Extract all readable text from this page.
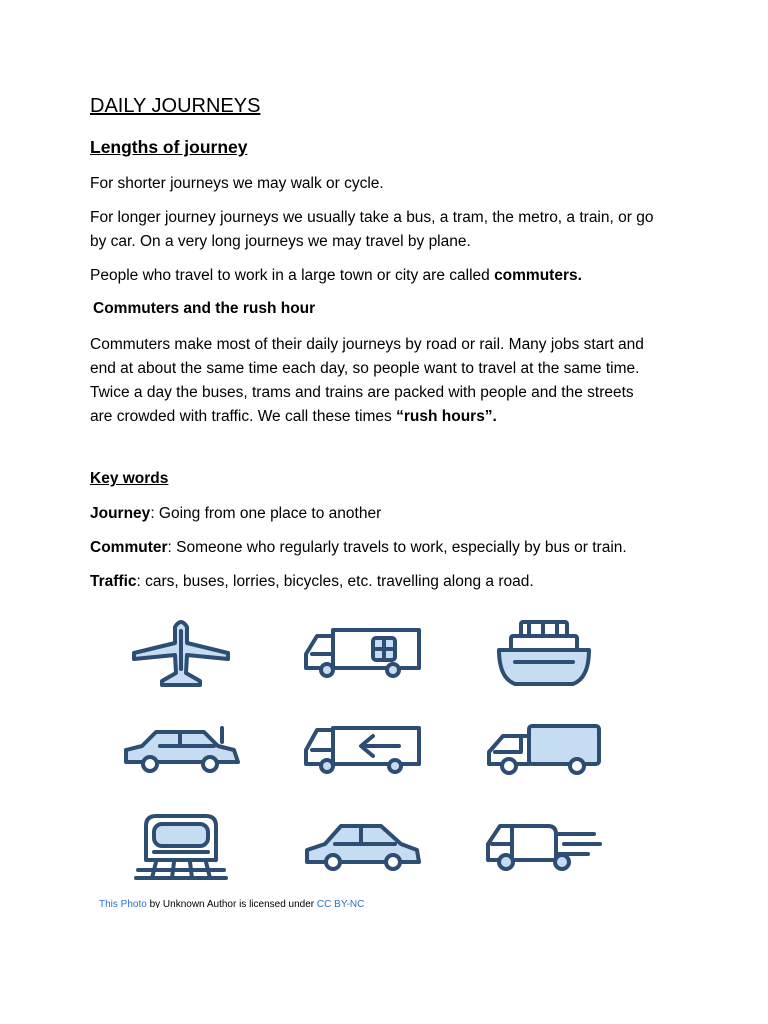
DAILY JOURNEYS
Lengths of journey
For shorter journeys we may walk or cycle.
For longer journey journeys we usually take a bus, a tram, the metro, a train, or go
by car. On a very long journeys we may travel by plane.
People who travel to work in a large town or city are called commuters.
Commuters and the rush hour
Commuters make most of their daily journeys by road or rail. Many jobs start and
end at about the same time each day, so people want to travel at the same time.
Twice a day the buses, trams and trains are packed with people and the streets
are crowded with traffic. We call these times “rush hours”.
Key words
Journey: Going from one place to another
Commuter: Someone who regularly travels to work, especially by bus or train.
Traffic: cars, buses, lorries, bicycles, etc. travelling along a road.
This Photo by Unknown Author is licensed under CC BY-NC
